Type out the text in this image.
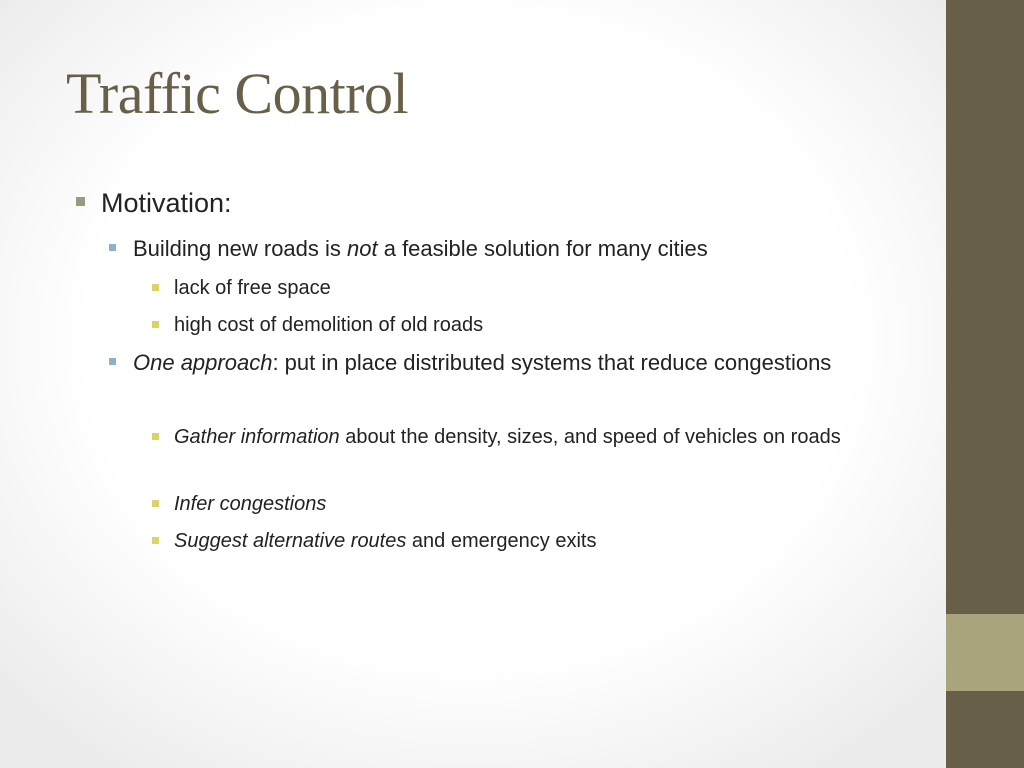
Traffic Control
Motivation:
Building new roads is not a feasible solution for many cities
lack of free space
high cost of demolition of old roads
One approach: put in place distributed systems that reduce congestions
Gather information about the density, sizes, and speed of vehicles on roads
Infer congestions
Suggest alternative routes and emergency exits
